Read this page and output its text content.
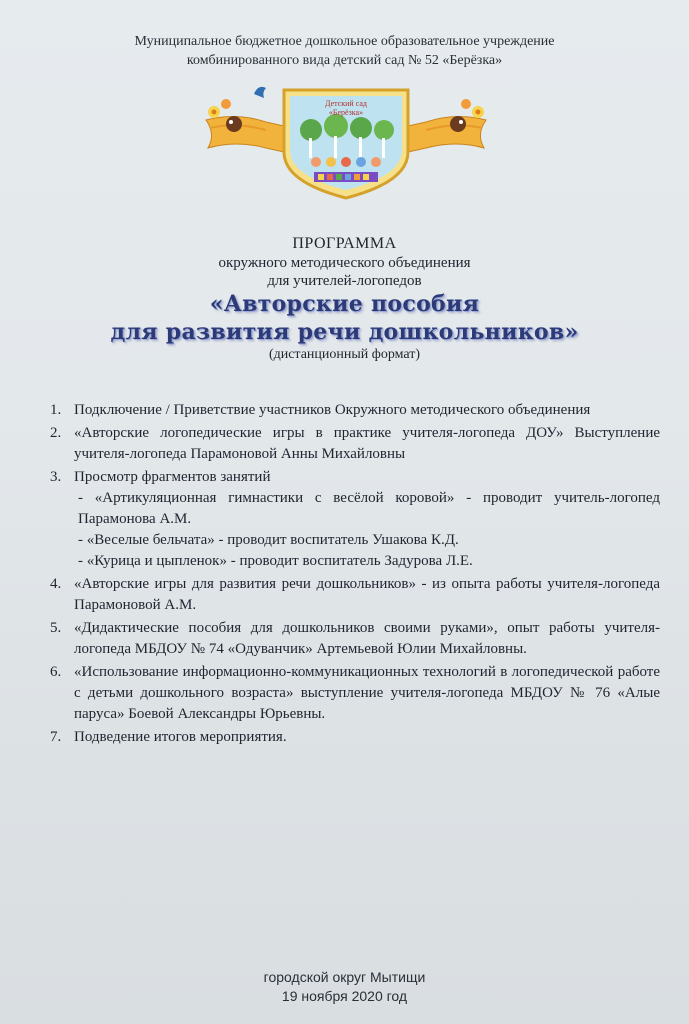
Муниципальное бюджетное дошкольное образовательное учреждение
комбинированного вида детский сад № 52 «Берёзка»
Детский сад
«Берёзка»
ПРОГРАММА
окружного методического объединения
для учителей-логопедов
«Авторские пособия
для развития речи дошкольников»
(дистанционный формат)
1. Подключение / Приветствие участников Окружного методического объединения
2. «Авторские логопедические игры в практике учителя-логопеда ДОУ» Выступление учителя-логопеда Парамоновой Анны Михайловны
3. Просмотр фрагментов занятий
- «Артикуляционная гимнастики с весёлой коровой» - проводит учитель-логопед Парамонова А.М.
- «Веселые бельчата» - проводит воспитатель Ушакова К.Д.
- «Курица и цыпленок» - проводит воспитатель Задурова Л.Е.
4. «Авторские игры для развития речи дошкольников» - из опыта работы учителя-логопеда Парамоновой А.М.
5. «Дидактические пособия для дошкольников своими руками», опыт работы учителя-логопеда МБДОУ № 74 «Одуванчик» Артемьевой Юлии Михайловны.
6. «Использование информационно-коммуникационных технологий в логопедической работе с детьми дошкольного возраста» выступление учителя-логопеда МБДОУ № 76 «Алые паруса» Боевой Александры Юрьевны.
7. Подведение итогов мероприятия.
городской округ Мытищи
19 ноября 2020 год
